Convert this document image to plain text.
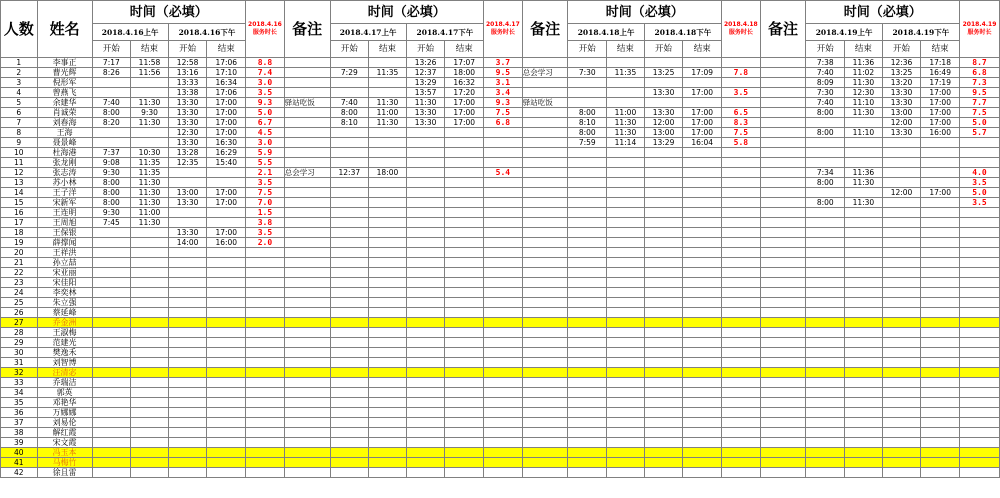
人数	姓名	时间（必填）				2018.4.16服务时长	备注	时间（必填）				2018.4.17服务时长	备注	时间（必填）				2018.4.18服务时长	备注	时间（必填）				2018.4.19服务时长
		2018.4.16上午		2018.4.16下午				2018.4.17上午		2018.4.17下午				2018.4.18上午		2018.4.18下午				2018.4.19上午		2018.4.19下午		
		开始	结束	开始	结束			开始	结束	开始	结束			开始	结束	开始	结束			开始	结束	开始	结束	
1	李事正	7:17	11:58	12:58	17:06	8.8				13:26	17:07	3.7								7:38	11:36	12:36	17:18	8.7
2	曹光辉	8:26	11:56	13:16	17:10	7.4		7:29	11:35	12:37	18:00	9.5	总会学习	7:30	11:35	13:25	17:09	7.8		7:40	11:02	13:25	16:49	6.8
3	倪形军			13:33	16:34	3.0				13:29	16:32	3.1								8:09	11:30	13:20	17:19	7.3
4	曾燕飞			13:38	17:06	3.5				13:57	17:20	3.4				13:30	17:00	3.5		7:30	12:30	13:30	17:00	9.5
5	余建华	7:40	11:30	13:30	17:00	9.3	驿站吃饭	7:40	11:30	11:30	17:00	9.3	驿站吃饭							7:40	11:10	13:30	17:00	7.7
6	肖诚荣	8:00	9:30	13:30	17:00	5.0		8:00	11:00	13:30	17:00	7.5		8:00	11:00	13:30	17:00	6.5		8:00	11:30	13:00	17:00	7.5
7	刘春海	8:20	11:30	13:30	17:00	6.7		8:10	11:30	13:30	17:00	6.8		8:10	11:30	12:00	17:00	8.3				12:00	17:00	5.0
8	王海			12:30	17:00	4.5								8:00	11:30	13:00	17:00	7.5		8:00	11:10	13:30	16:00	5.7
9	聂景峰			13:30	16:30	3.0								7:59	11:14	13:29	16:04	5.8						
10	杜海港	7:37	10:30	13:28	16:29	5.9																		
11	张龙刚	9:08	11:35	12:35	15:40	5.5																		
12	张志涛	9:30	11:35			2.1	总会学习	12:37	18:00			5.4								7:34	11:36			4.0
13	苏小林	8:00	11:30			3.5														8:00	11:30			3.5
14	王子洋	8:00	11:30	13:00	17:00	7.5																12:00	17:00	5.0
15	宋新军	8:00	11:30	13:30	17:00	7.0														8:00	11:30			3.5
16	王连明	9:30	11:00			1.5																		
17	王周旭	7:45	11:30			3.8																		
18	王保银			13:30	17:00	3.5																		
19	薛撑闻			14:00	16:00	2.0																		
20	王祥洪																							
21	孙立喆																							
22	宋亚丽																							
23	宋佳阳																							
24	李奕林																							
25	朱立强																							
26	蔡延峰																							
27	乔金洲																							
28	王淑梅																							
29	范建光																							
30	樊逸禾																							
31	刘智博																							
32	汪清宓																							
33	乔瑞洁																							
34	郭英																							
35	邓艳华																							
36	万娜娜																							
37	刘易伦																							
38	解红霞																							
39	宋文霞																							
40	冯玉本																							
41	马梅竹																							
42	徐且雷																							
